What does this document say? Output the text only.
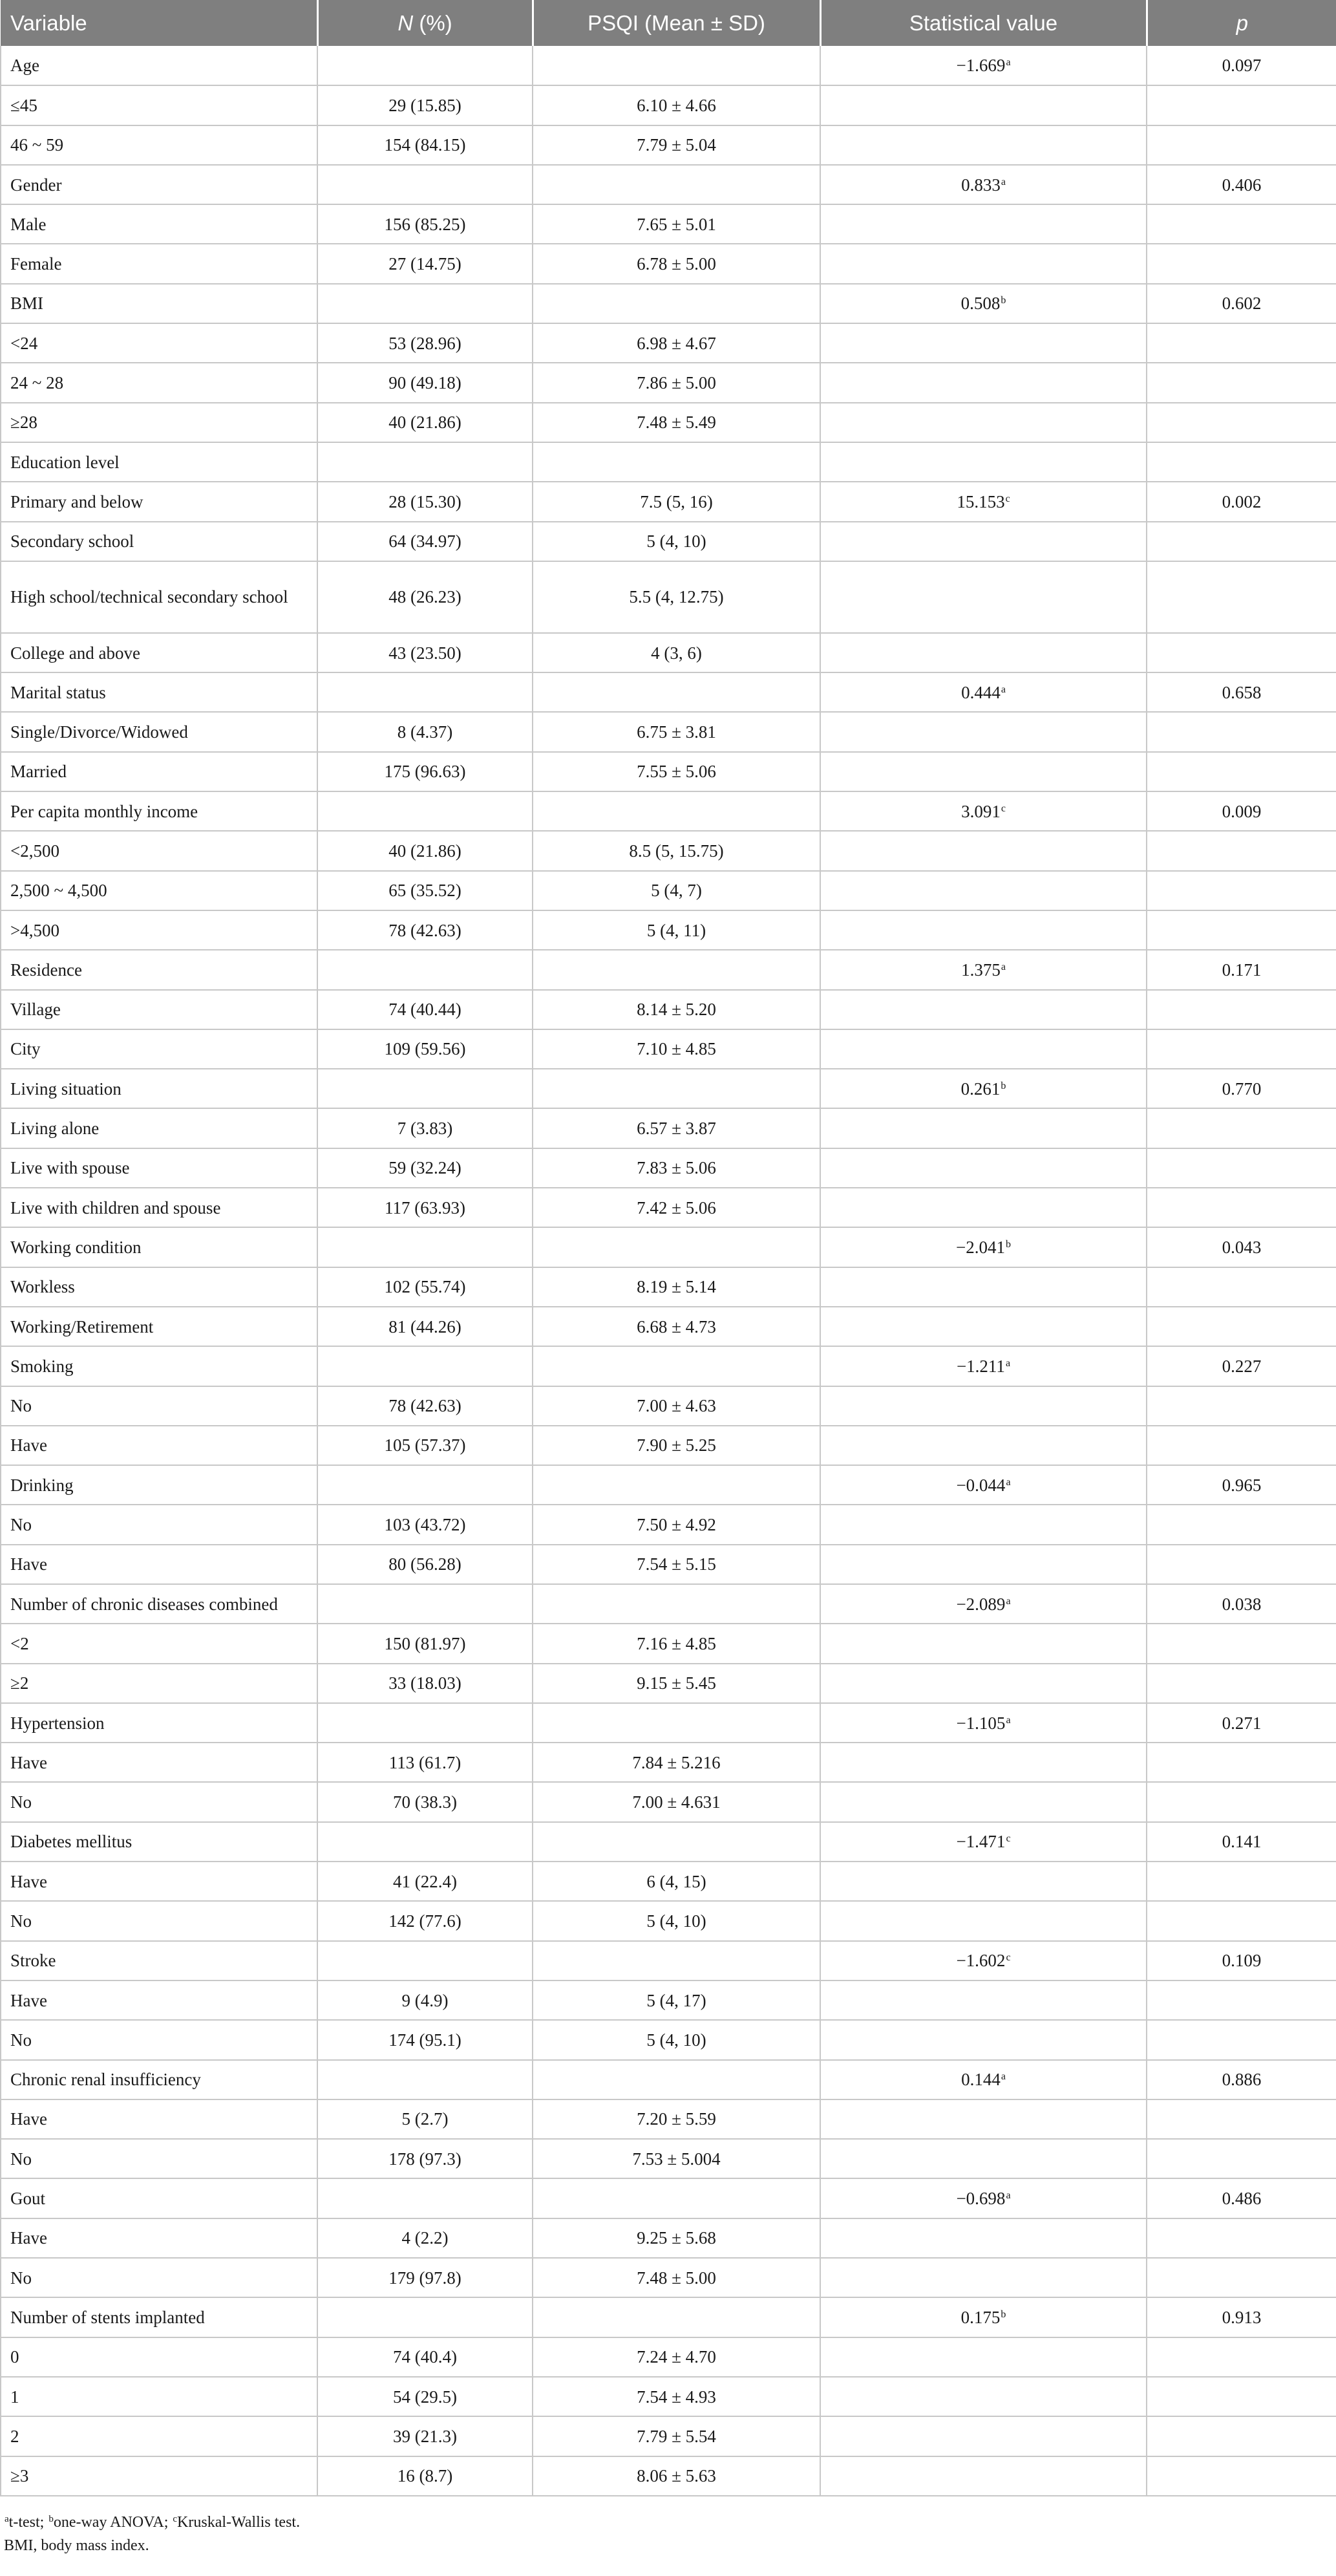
Variable	N (%)	PSQI (Mean ± SD)	Statistical value	p
Age			−1.669$^a$	0.097
≤45	29 (15.85)	6.10 ± 4.66		
46 ~ 59	154 (84.15)	7.79 ± 5.04		
Gender			0.833$^a$	0.406
Male	156 (85.25)	7.65 ± 5.01		
Female	27 (14.75)	6.78 ± 5.00		
BMI			0.508$^b$	0.602
<24	53 (28.96)	6.98 ± 4.67		
24 ~ 28	90 (49.18)	7.86 ± 5.00		
≥28	40 (21.86)	7.48 ± 5.49		
Education level				
Primary and below	28 (15.30)	7.5 (5, 16)	15.153$^c$	0.002
Secondary school	64 (34.97)	5 (4, 10)		
High school/technical secondary school	48 (26.23)	5.5 (4, 12.75)		
College and above	43 (23.50)	4 (3, 6)		
Marital status			0.444$^a$	0.658
Single/Divorce/Widowed	8 (4.37)	6.75 ± 3.81		
Married	175 (96.63)	7.55 ± 5.06		
Per capita monthly income			3.091$^c$	0.009
<2,500	40 (21.86)	8.5 (5, 15.75)		
2,500 ~ 4,500	65 (35.52)	5 (4, 7)		
>4,500	78 (42.63)	5 (4, 11)		
Residence			1.375$^a$	0.171
Village	74 (40.44)	8.14 ± 5.20		
City	109 (59.56)	7.10 ± 4.85		
Living situation			0.261$^b$	0.770
Living alone	7 (3.83)	6.57 ± 3.87		
Live with spouse	59 (32.24)	7.83 ± 5.06		
Live with children and spouse	117 (63.93)	7.42 ± 5.06		
Working condition			−2.041$^b$	0.043
Workless	102 (55.74)	8.19 ± 5.14		
Working/Retirement	81 (44.26)	6.68 ± 4.73		
Smoking			−1.211$^a$	0.227
No	78 (42.63)	7.00 ± 4.63		
Have	105 (57.37)	7.90 ± 5.25		
Drinking			−0.044$^a$	0.965
No	103 (43.72)	7.50 ± 4.92		
Have	80 (56.28)	7.54 ± 5.15		
Number of chronic diseases combined			−2.089$^a$	0.038
<2	150 (81.97)	7.16 ± 4.85		
≥2	33 (18.03)	9.15 ± 5.45		
Hypertension			−1.105$^a$	0.271
Have	113 (61.7)	7.84 ± 5.216		
No	70 (38.3)	7.00 ± 4.631		
Diabetes mellitus			−1.471$^c$	0.141
Have	41 (22.4)	6 (4, 15)		
No	142 (77.6)	5 (4, 10)		
Stroke			−1.602$^c$	0.109
Have	9 (4.9)	5 (4, 17)		
No	174 (95.1)	5 (4, 10)		
Chronic renal insufficiency			0.144$^a$	0.886
Have	5 (2.7)	7.20 ± 5.59		
No	178 (97.3)	7.53 ± 5.004		
Gout			−0.698$^a$	0.486
Have	4 (2.2)	9.25 ± 5.68		
No	179 (97.8)	7.48 ± 5.00		
Number of stents implanted			0.175$^b$	0.913
0	74 (40.4)	7.24 ± 4.70		
1	54 (29.5)	7.54 ± 4.93		
2	39 (21.3)	7.79 ± 5.54		
≥3	16 (8.7)	8.06 ± 5.63		
$^a$t-test; $^b$one-way ANOVA; $^c$Kruskal-Wallis test.
BMI, body mass index.
